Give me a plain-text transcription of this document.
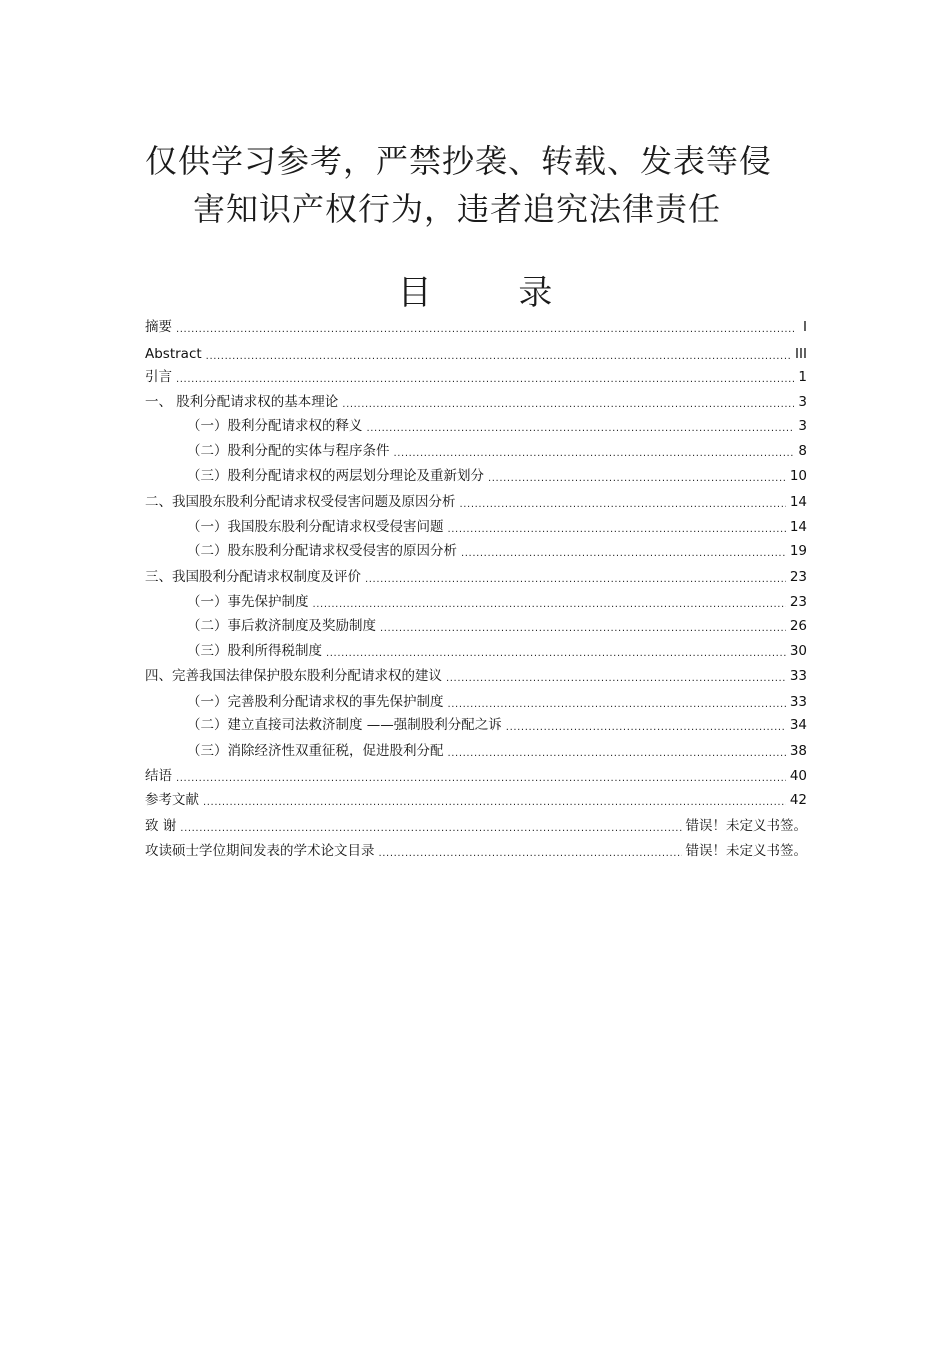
仅供学习参考，严禁抄袭、转载、发表等侵
害知识产权行为，违者追究法律责任
目 录
摘要 .....	I
Abstract .....	III
引言 .....	1
一、 股利分配请求权的基本理论 .....	3
（一）股利分配请求权的释义 .....	3
（二）股利分配的实体与程序条件 .....	8
（三）股利分配请求权的两层划分理论及重新划分 .....	10
二、我国股东股利分配请求权受侵害问题及原因分析 .....	14
（一）我国股东股利分配请求权受侵害问题 .....	14
（二）股东股利分配请求权受侵害的原因分析 .....	19
三、我国股利分配请求权制度及评价 .....	23
（一）事先保护制度 .....	23
（二）事后救济制度及奖励制度 .....	26
（三）股利所得税制度 .....	30
四、完善我国法律保护股东股利分配请求权的建议 .....	33
（一）完善股利分配请求权的事先保护制度 .....	33
（二）建立直接司法救济制度 ——强制股利分配之诉 .....	34
（三）消除经济性双重征税，促进股利分配 .....	38
结语 .....	40
参考文献 .....	42
致 谢 .....	错误！未定义书签。
攻读硕士学位期间发表的学术论文目录 .....	错误！未定义书签。
